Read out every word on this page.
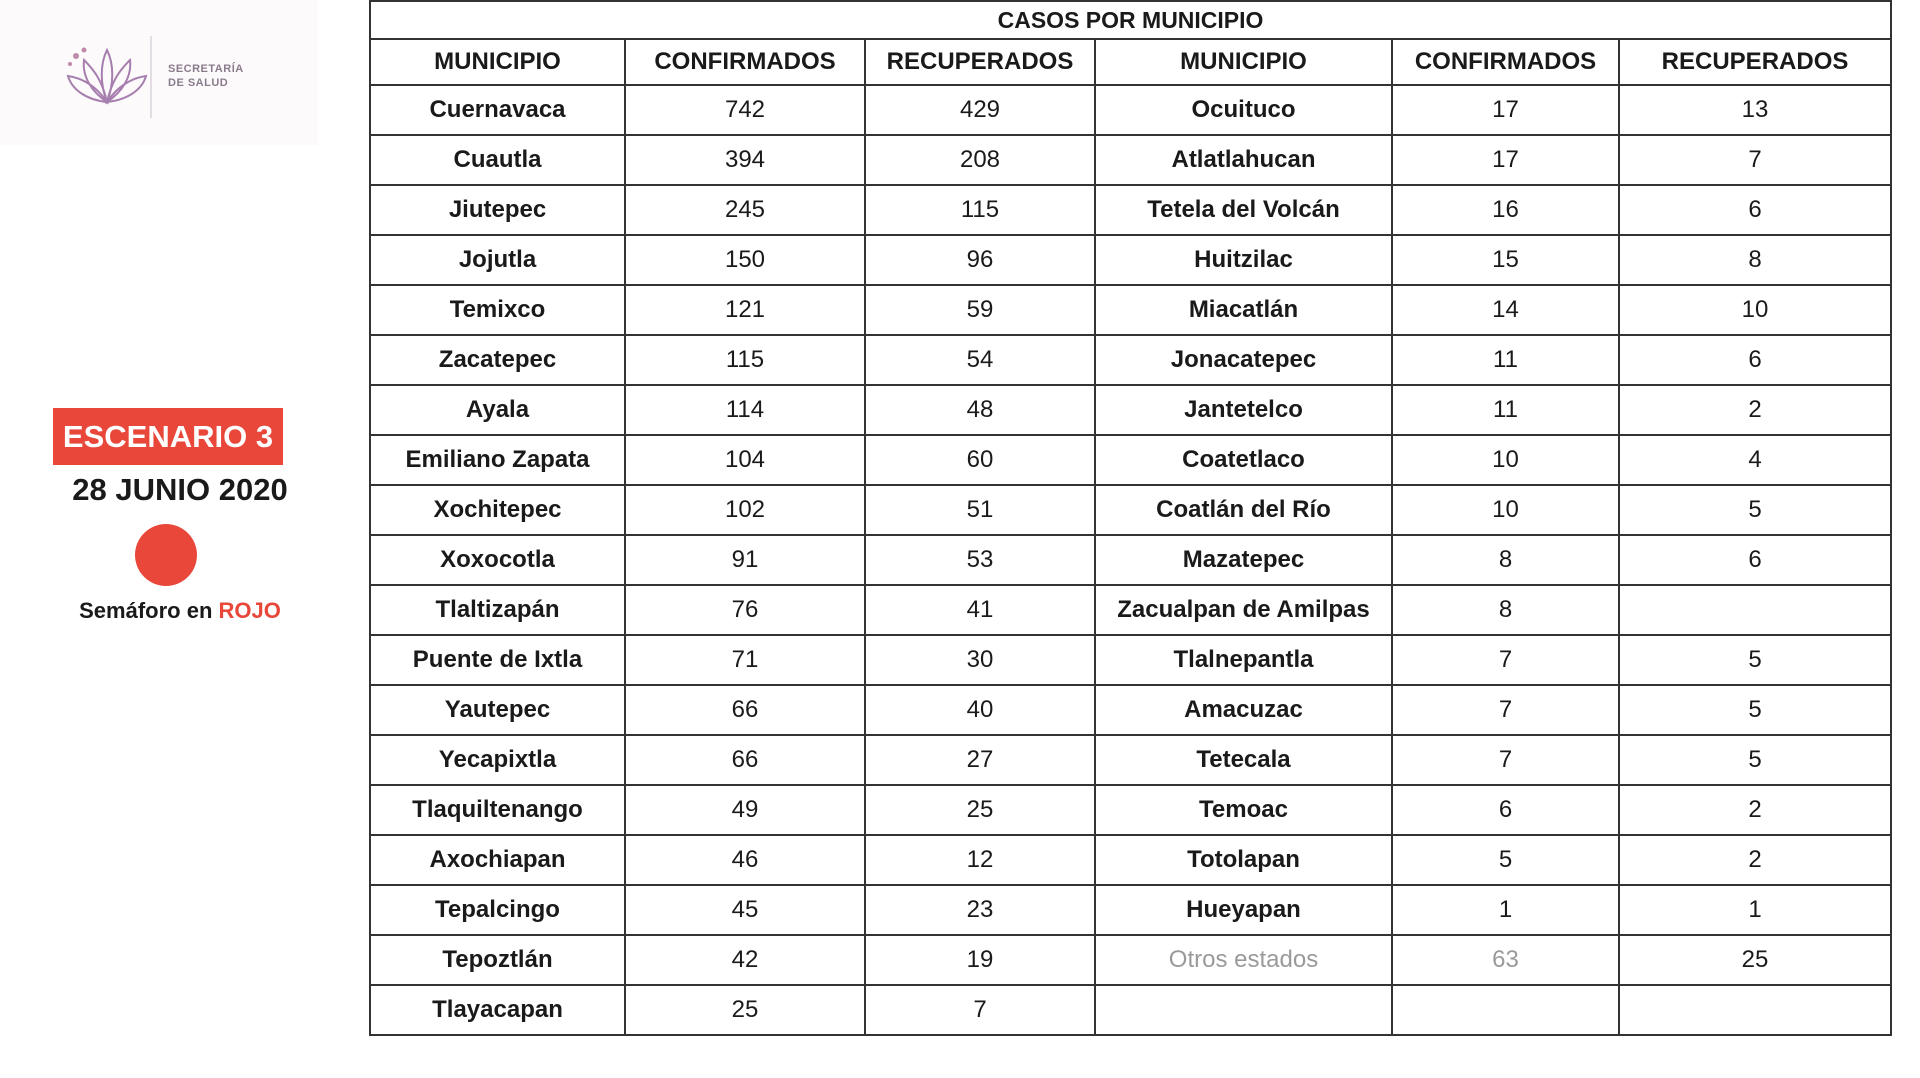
SECRETARÍA
DE SALUD
ESCENARIO 3
28 JUNIO 2020
Semáforo en ROJO
CASOS POR MUNICIPIO					
MUNICIPIO	CONFIRMADOS	RECUPERADOS	MUNICIPIO	CONFIRMADOS	RECUPERADOS
Cuernavaca	742	429	Ocuituco	17	13
Cuautla	394	208	Atlatlahucan	17	7
Jiutepec	245	115	Tetela del Volcán	16	6
Jojutla	150	96	Huitzilac	15	8
Temixco	121	59	Miacatlán	14	10
Zacatepec	115	54	Jonacatepec	11	6
Ayala	114	48	Jantetelco	11	2
Emiliano Zapata	104	60	Coatetlaco	10	4
Xochitepec	102	51	Coatlán del Río	10	5
Xoxocotla	91	53	Mazatepec	8	6
Tlaltizapán	76	41	Zacualpan de Amilpas	8	
Puente de Ixtla	71	30	Tlalnepantla	7	5
Yautepec	66	40	Amacuzac	7	5
Yecapixtla	66	27	Tetecala	7	5
Tlaquiltenango	49	25	Temoac	6	2
Axochiapan	46	12	Totolapan	5	2
Tepalcingo	45	23	Hueyapan	1	1
Tepoztlán	42	19	Otros estados	63	25
Tlayacapan	25	7			
